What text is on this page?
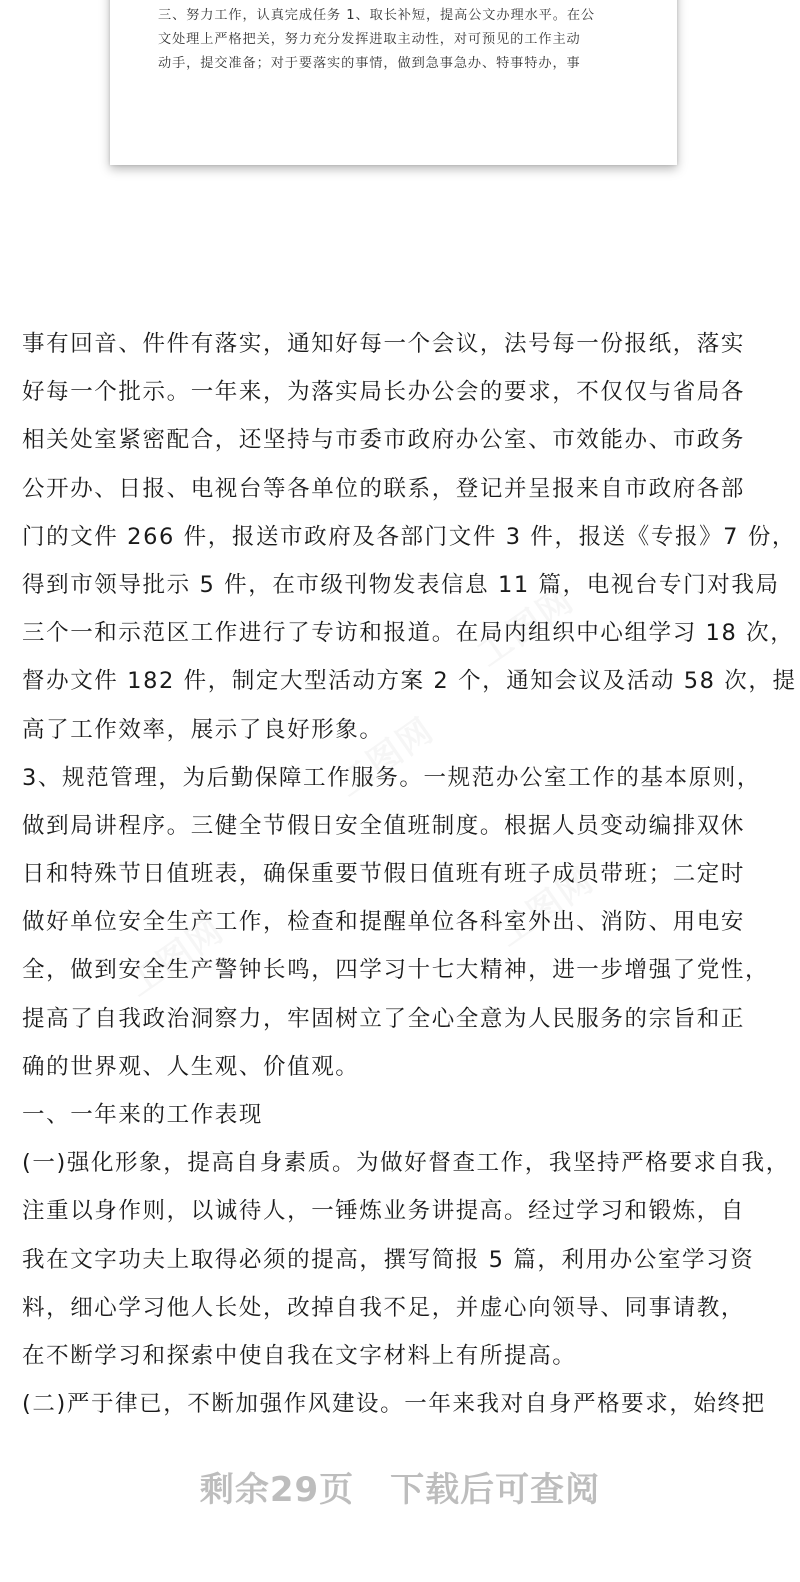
三、努力工作，认真完成任务 1、取长补短，提高公文办理水平。在公
文处理上严格把关，努力充分发挥进取主动性，对可预见的工作主动
动手，提交准备；对于要落实的事情，做到急事急办、特事特办，事
工图网
工图网
工图网
工图网
事有回音、件件有落实，通知好每一个会议，法号每一份报纸，落实
好每一个批示。一年来，为落实局长办公会的要求，不仅仅与省局各
相关处室紧密配合，还坚持与市委市政府办公室、市效能办、市政务
公开办、日报、电视台等各单位的联系，登记并呈报来自市政府各部
门的文件 266 件，报送市政府及各部门文件 3 件，报送《专报》7 份，
得到市领导批示 5 件，在市级刊物发表信息 11 篇，电视台专门对我局
三个一和示范区工作进行了专访和报道。在局内组织中心组学习 18 次，
督办文件 182 件，制定大型活动方案 2 个，通知会议及活动 58 次，提
高了工作效率，展示了良好形象。
3、规范管理，为后勤保障工作服务。一规范办公室工作的基本原则，
做到局讲程序。三健全节假日安全值班制度。根据人员变动编排双休
日和特殊节日值班表，确保重要节假日值班有班子成员带班；二定时
做好单位安全生产工作，检查和提醒单位各科室外出、消防、用电安
全，做到安全生产警钟长鸣，四学习十七大精神，进一步增强了党性，
提高了自我政治洞察力，牢固树立了全心全意为人民服务的宗旨和正
确的世界观、人生观、价值观。
一、一年来的工作表现
(一)强化形象，提高自身素质。为做好督查工作，我坚持严格要求自我，
注重以身作则，以诚待人，一锤炼业务讲提高。经过学习和锻炼，自
我在文字功夫上取得必须的提高，撰写简报 5 篇，利用办公室学习资
料，细心学习他人长处，改掉自我不足，并虚心向领导、同事请教，
在不断学习和探索中使自我在文字材料上有所提高。
(二)严于律已，不断加强作风建设。一年来我对自身严格要求，始终把
剩余29页 下载后可查阅
